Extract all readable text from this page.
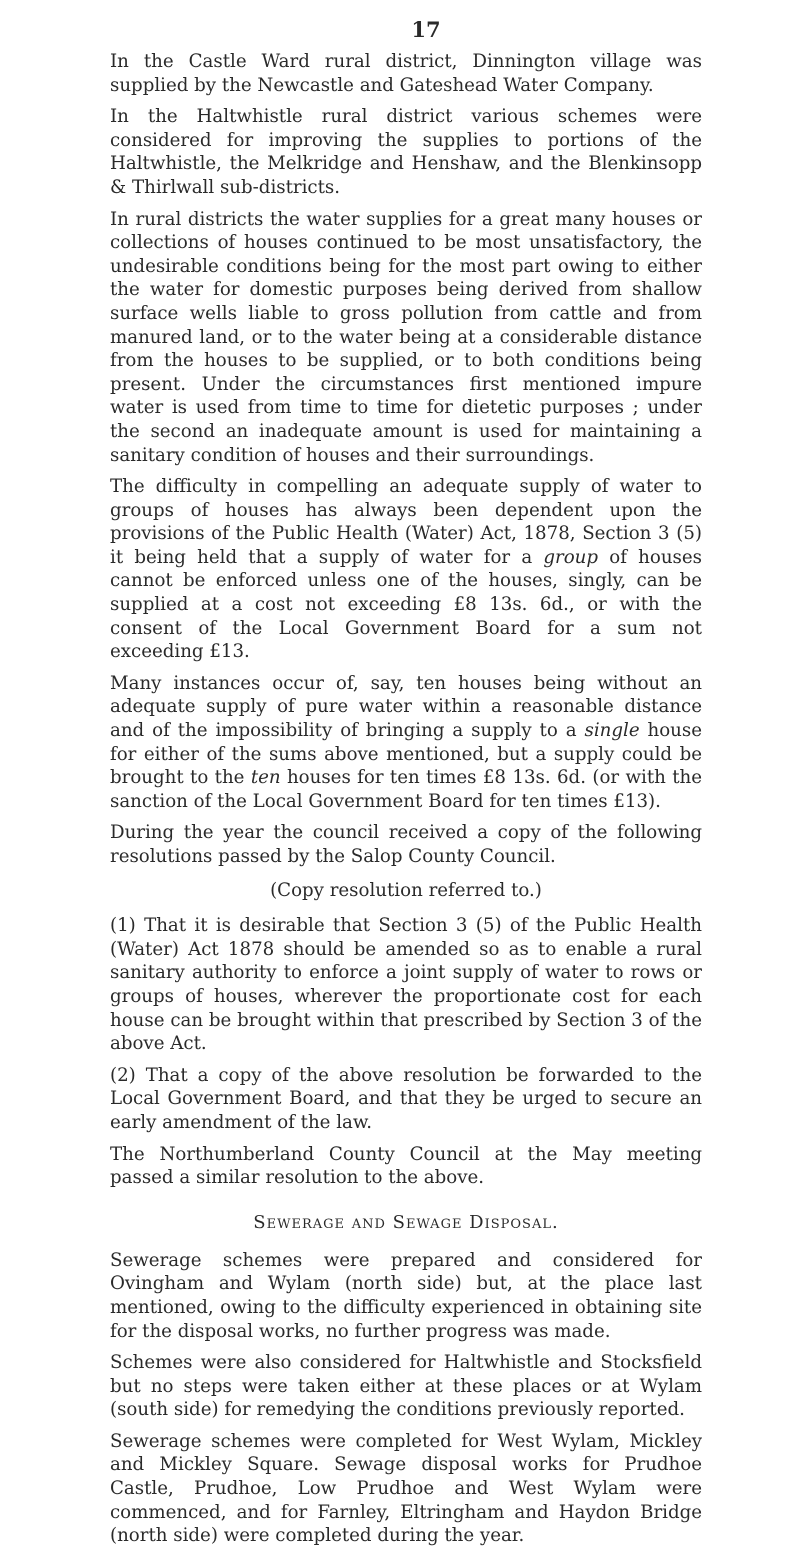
17

In the Castle Ward rural district, Dinnington village was supplied by the Newcastle and Gateshead Water Company.

In the Haltwhistle rural district various schemes were considered for improving the supplies to portions of the Haltwhistle, the Melkridge and Henshaw, and the Blenkinsopp & Thirlwall sub-districts.

In rural districts the water supplies for a great many houses or collections of houses continued to be most unsatisfactory, the undesirable conditions being for the most part owing to either the water for domestic purposes being derived from shallow surface wells liable to gross pollution from cattle and from manured land, or to the water being at a considerable distance from the houses to be supplied, or to both conditions being present. Under the circumstances first mentioned impure water is used from time to time for dietetic purposes ; under the second an inadequate amount is used for maintaining a sanitary condition of houses and their surroundings.

The difficulty in compelling an adequate supply of water to groups of houses has always been dependent upon the provisions of the Public Health (Water) Act, 1878, Section 3 (5) it being held that a supply of water for a group of houses cannot be enforced unless one of the houses, singly, can be supplied at a cost not exceeding £8 13s. 6d., or with the consent of the Local Government Board for a sum not exceeding £13.

Many instances occur of, say, ten houses being without an adequate supply of pure water within a reasonable distance and of the impossibility of bringing a supply to a single house for either of the sums above mentioned, but a supply could be brought to the ten houses for ten times £8 13s. 6d. (or with the sanction of the Local Government Board for ten times £13).

During the year the council received a copy of the following resolutions passed by the Salop County Council.

(Copy resolution referred to.)

(1) That it is desirable that Section 3 (5) of the Public Health (Water) Act 1878 should be amended so as to enable a rural sanitary authority to enforce a joint supply of water to rows or groups of houses, wherever the proportionate cost for each house can be brought within that prescribed by Section 3 of the above Act.

(2) That a copy of the above resolution be forwarded to the Local Government Board, and that they be urged to secure an early amendment of the law.

The Northumberland County Council at the May meeting passed a similar resolution to the above.

Sewerage and Sewage Disposal.

Sewerage schemes were prepared and considered for Ovingham and Wylam (north side) but, at the place last mentioned, owing to the difficulty experienced in obtaining site for the disposal works, no further progress was made.

Schemes were also considered for Haltwhistle and Stocksfield but no steps were taken either at these places or at Wylam (south side) for remedying the conditions previously reported.

Sewerage schemes were completed for West Wylam, Mickley and Mickley Square. Sewage disposal works for Prudhoe Castle, Prudhoe, Low Prudhoe and West Wylam were commenced, and for Farnley, Eltringham and Haydon Bridge (north side) were completed during the year.
